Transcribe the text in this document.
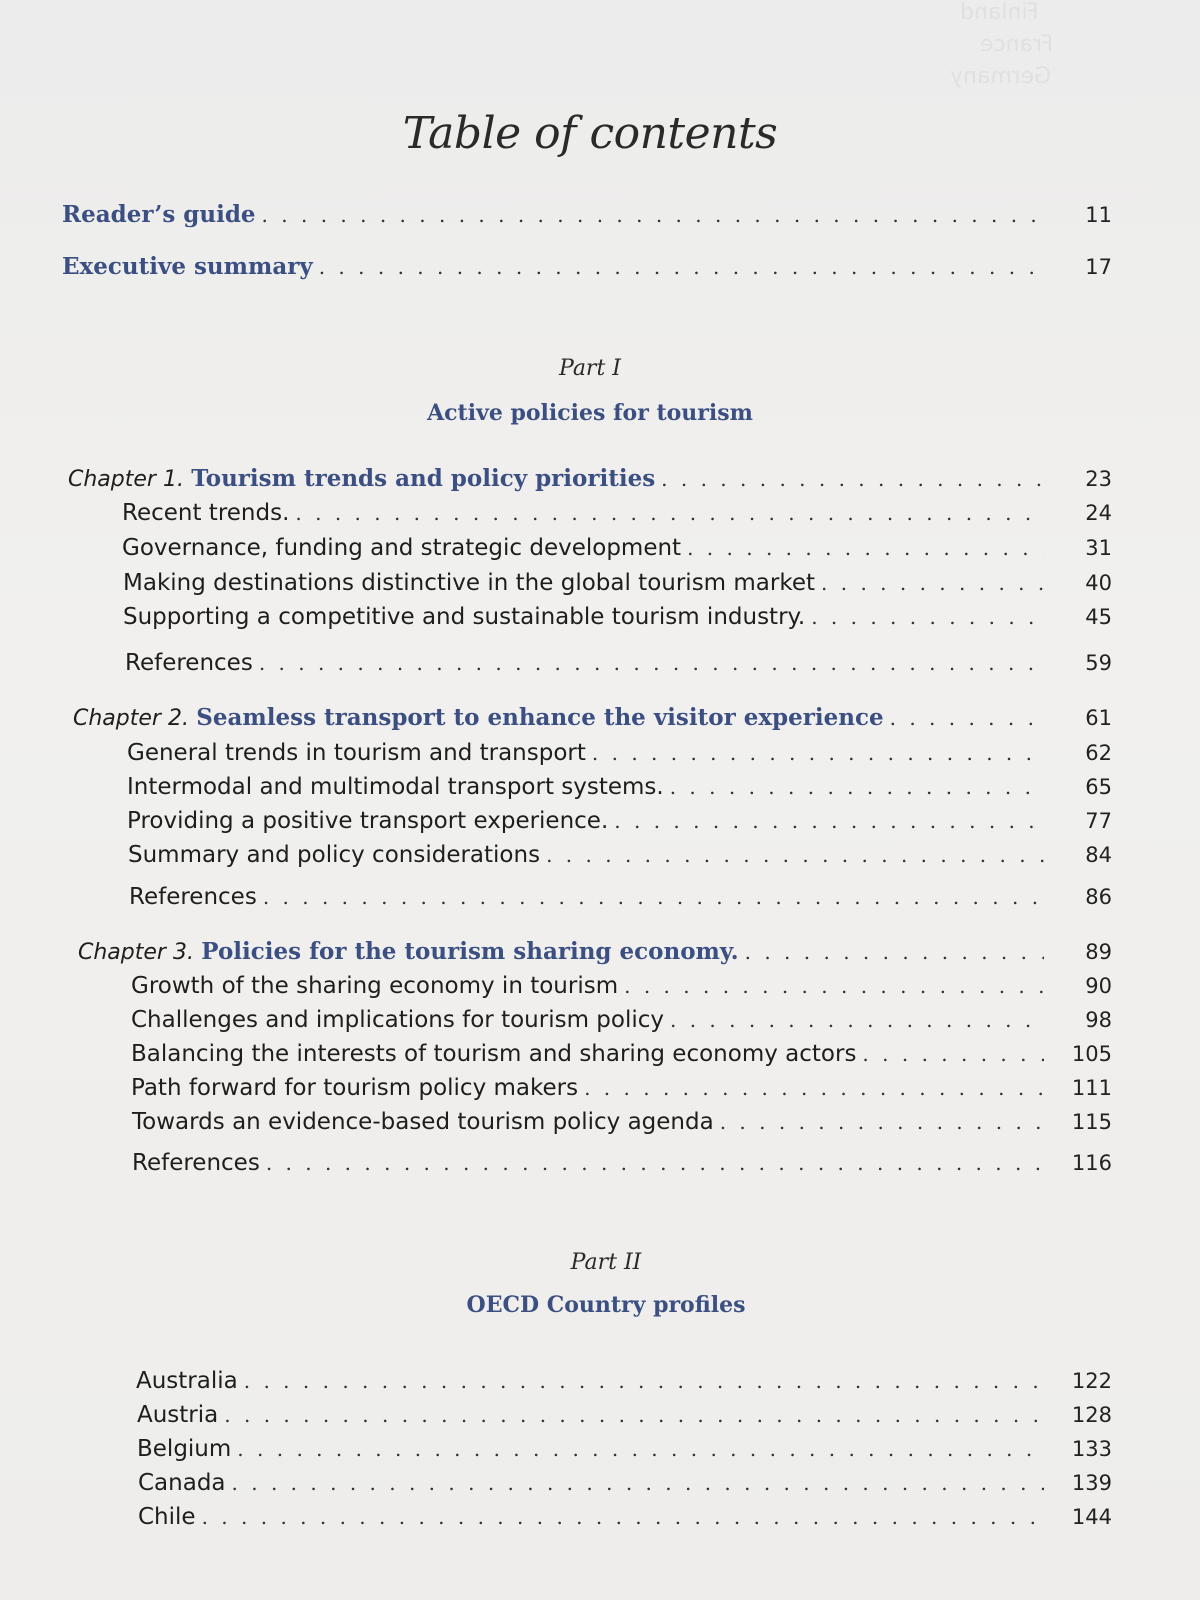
Finland
France
Germany
Table of contents
Reader’s guide . . .	11
Executive summary . . .	17
Part I
Active policies for tourism
Chapter 1. Tourism trends and policy priorities . . .	23
Recent trends. . . .	24
Governance, funding and strategic development . . .	31
Making destinations distinctive in the global tourism market . . .	40
Supporting a competitive and sustainable tourism industry. . . .	45
References . . .	59
Chapter 2. Seamless transport to enhance the visitor experience . . .	61
General trends in tourism and transport . . .	62
Intermodal and multimodal transport systems. . . .	65
Providing a positive transport experience. . . .	77
Summary and policy considerations . . .	84
References . . .	86
Chapter 3. Policies for the tourism sharing economy. . . .	89
Growth of the sharing economy in tourism . . .	90
Challenges and implications for tourism policy . . .	98
Balancing the interests of tourism and sharing economy actors . . .	105
Path forward for tourism policy makers . . .	111
Towards an evidence-based tourism policy agenda . . .	115
References . . .	116
Part II
OECD Country profiles
Australia . . .	122
Austria . . .	128
Belgium . . .	133
Canada . . .	139
Chile . . .	144
